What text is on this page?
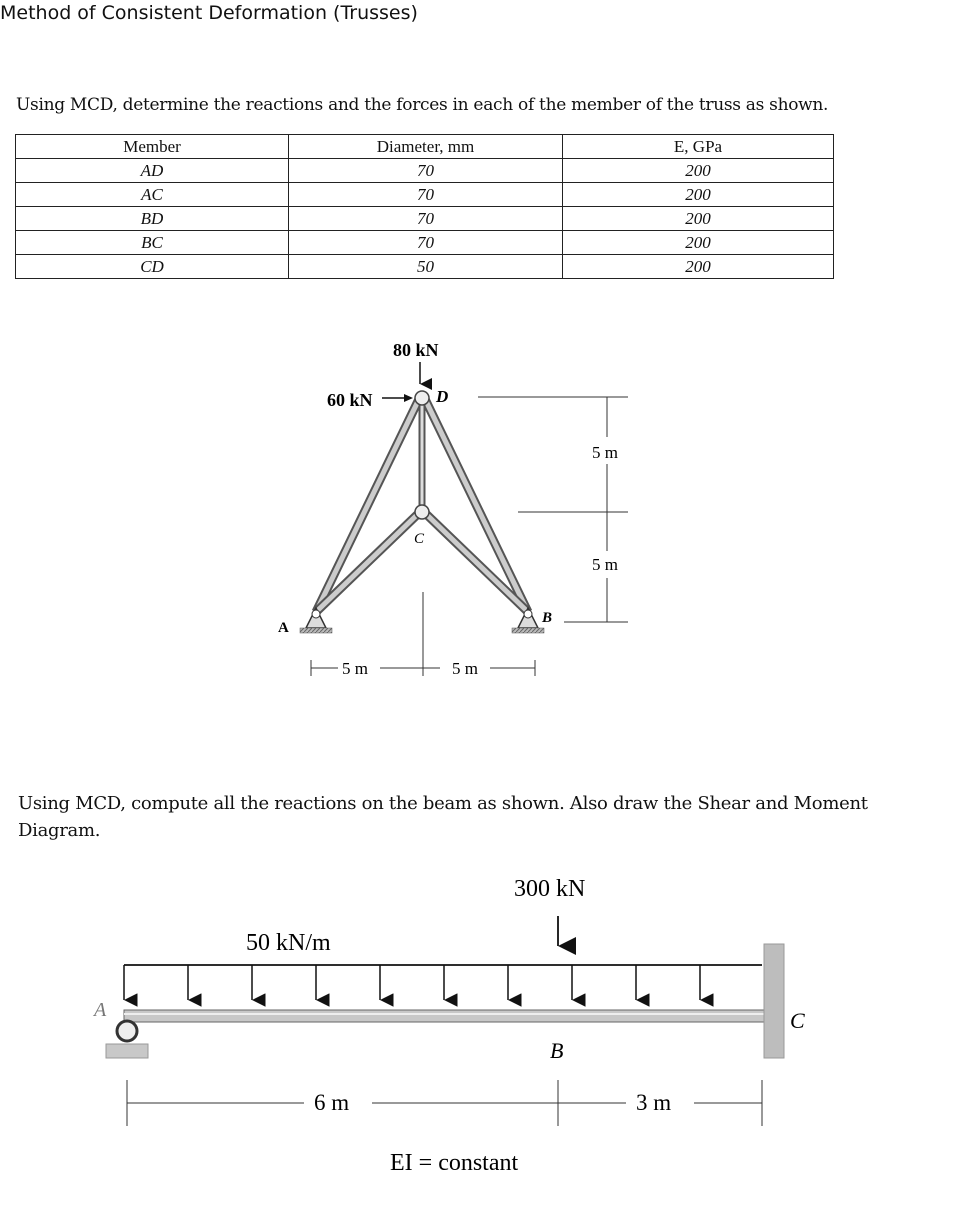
Method of Consistent Deformation (Trusses)
Using MCD, determine the reactions and the forces in each of the member of the truss as shown.
Member	Diameter, mm	E, GPa
AD	70	200
AC	70	200
BD	70	200
BC	70	200
CD	50	200
80 kN
60 kN	D
C
A
B
5 m
5 m
5 m	5 m
Using MCD, compute all the reactions on the beam as shown. Also draw the Shear and Moment Diagram.
300 kN
50 kN/m
A
B
C
6 m	3 m
EI = constant
